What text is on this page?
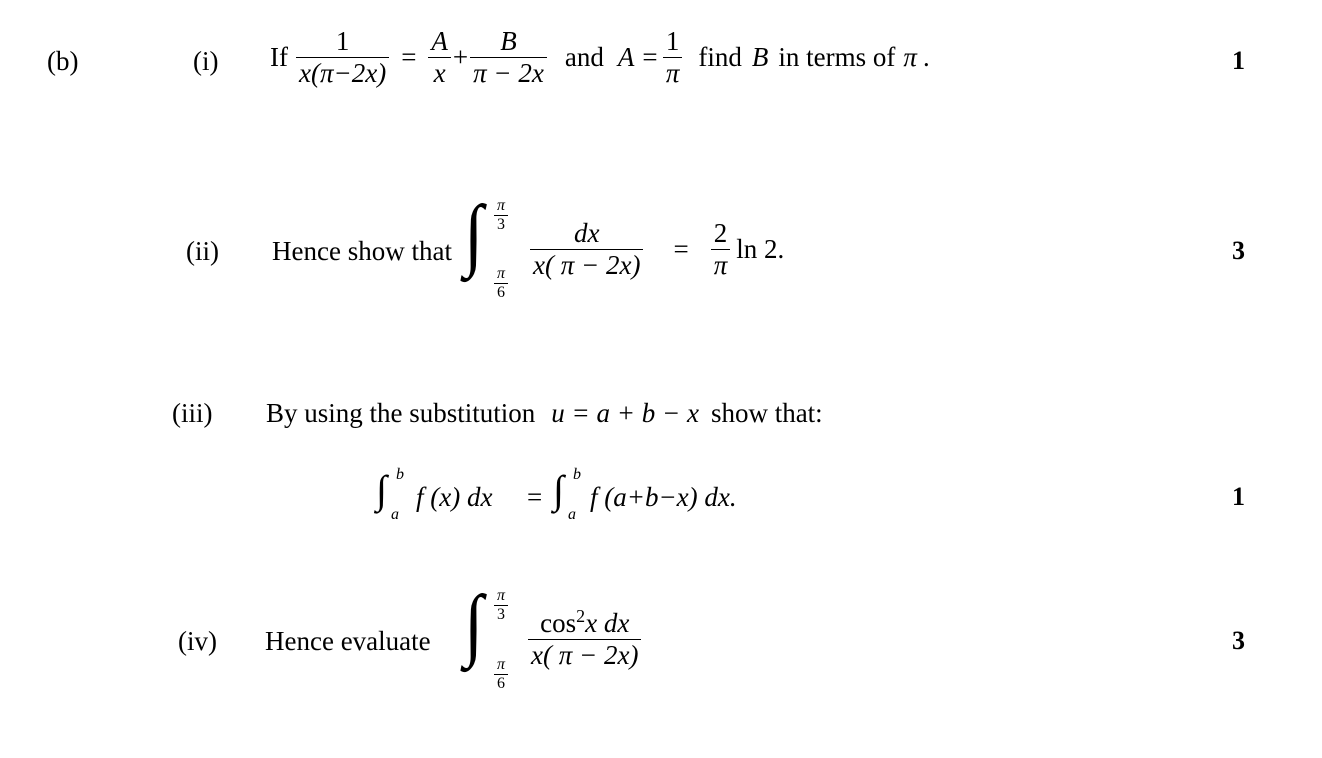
(b)	(i) If $\frac{1}{x(\pi-2x)} = \frac{A}{x} + \frac{B}{\pi - 2x}$ and $A = \frac{1}{\pi}$ find B in terms of π .	1
(ii) Hence show that ∫ π
3
π
6
$\frac{dx}{x( \pi - 2x)} = \frac{2}{\pi}$ ln 2.	3
(iii) By using the substitution u = a + b − x show that:
∫ b
a
f (x) dx = ∫ b
a
f (a+b−x) dx.	1
(iv) Hence evaluate ∫ π
3
π
6
$\frac{\cos^2x dx}{x( \pi - 2x)}$	3
